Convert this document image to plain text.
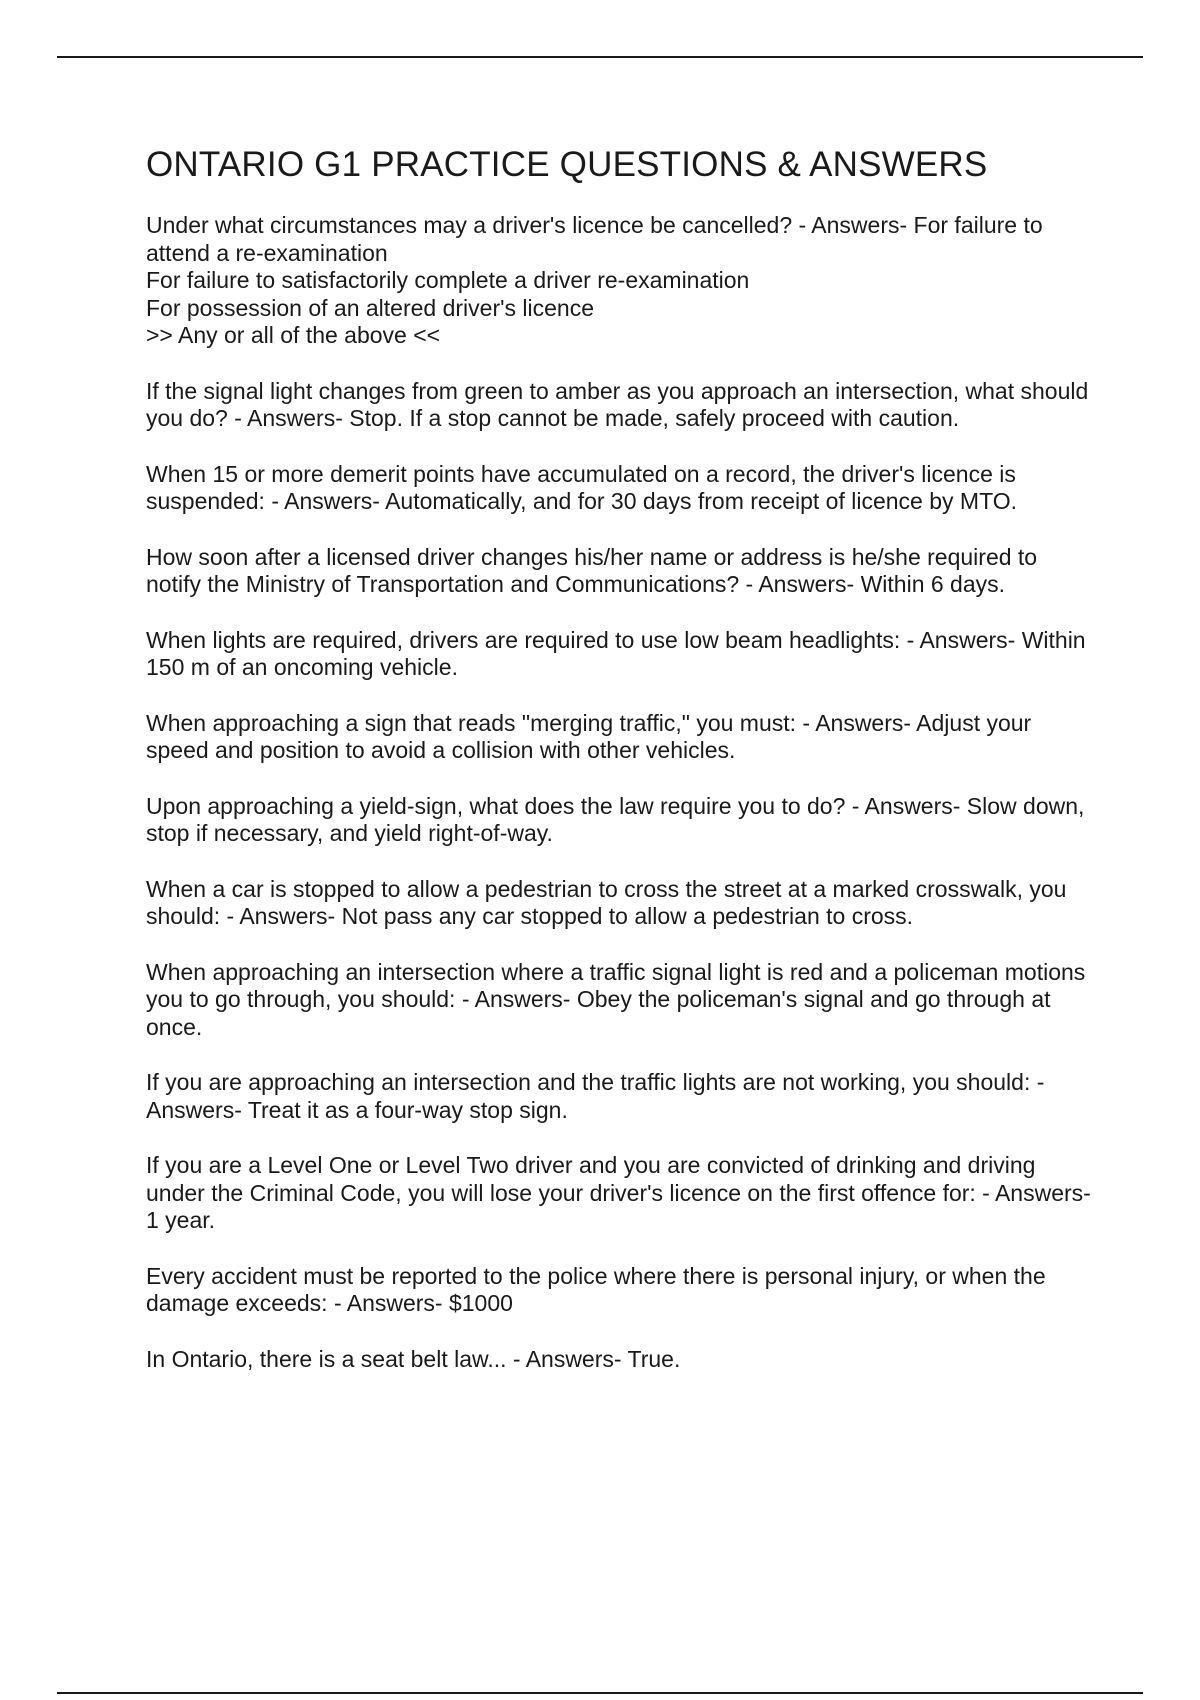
ONTARIO G1 PRACTICE QUESTIONS & ANSWERS
Under what circumstances may a driver's licence be cancelled? - Answers- For failure to attend a re-examination
For failure to satisfactorily complete a driver re-examination
For possession of an altered driver's licence
>> Any or all of the above <<
If the signal light changes from green to amber as you approach an intersection, what should you do? - Answers- Stop. If a stop cannot be made, safely proceed with caution.
When 15 or more demerit points have accumulated on a record, the driver's licence is suspended: - Answers- Automatically, and for 30 days from receipt of licence by MTO.
How soon after a licensed driver changes his/her name or address is he/she required to notify the Ministry of Transportation and Communications? - Answers- Within 6 days.
When lights are required, drivers are required to use low beam headlights: - Answers- Within 150 m of an oncoming vehicle.
When approaching a sign that reads "merging traffic," you must: - Answers- Adjust your speed and position to avoid a collision with other vehicles.
Upon approaching a yield-sign, what does the law require you to do? - Answers- Slow down, stop if necessary, and yield right-of-way.
When a car is stopped to allow a pedestrian to cross the street at a marked crosswalk, you should: - Answers- Not pass any car stopped to allow a pedestrian to cross.
When approaching an intersection where a traffic signal light is red and a policeman motions you to go through, you should: - Answers- Obey the policeman's signal and go through at once.
If you are approaching an intersection and the traffic lights are not working, you should: - Answers- Treat it as a four-way stop sign.
If you are a Level One or Level Two driver and you are convicted of drinking and driving under the Criminal Code, you will lose your driver's licence on the first offence for: - Answers- 1 year.
Every accident must be reported to the police where there is personal injury, or when the damage exceeds: - Answers- $1000
In Ontario, there is a seat belt law... - Answers- True.
